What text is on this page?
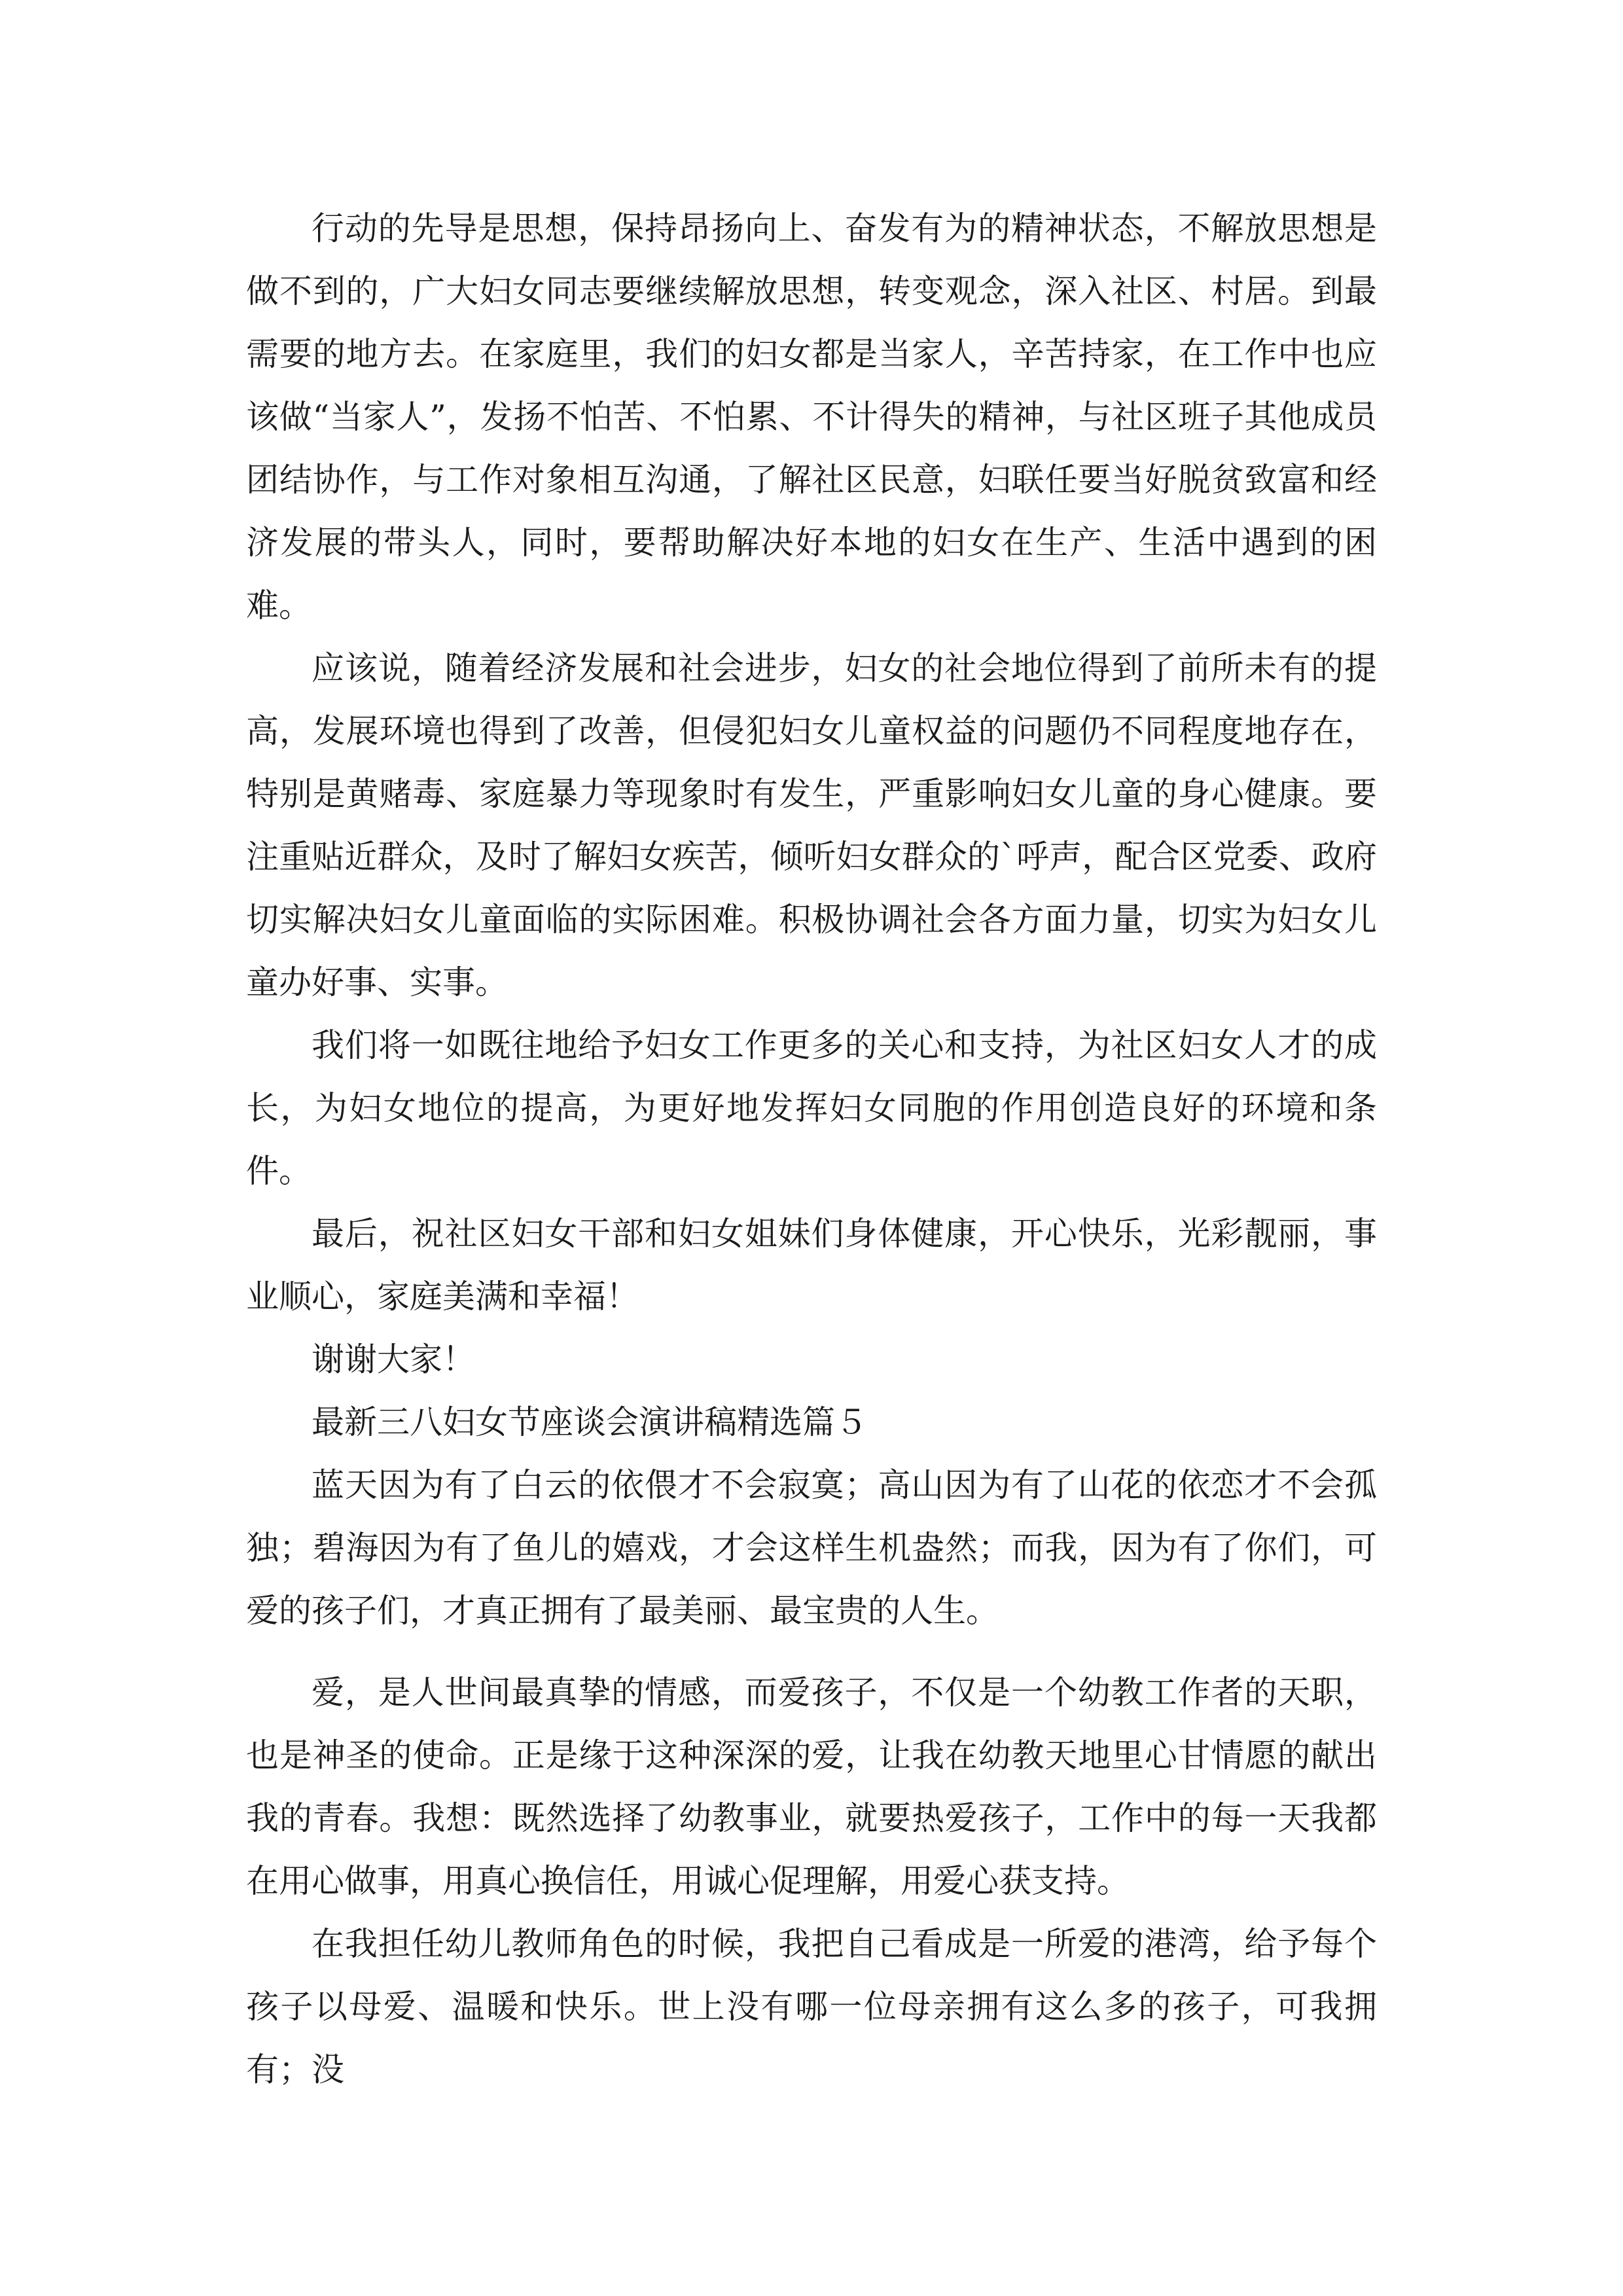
行动的先导是思想，保持昂扬向上、奋发有为的精神状态，不解放思想是做不到的，广大妇女同志要继续解放思想，转变观念，深入社区、村居。到最需要的地方去。在家庭里，我们的妇女都是当家人，辛苦持家，在工作中也应该做“当家人”，发扬不怕苦、不怕累、不计得失的精神，与社区班子其他成员团结协作，与工作对象相互沟通，了解社区民意，妇联任要当好脱贫致富和经济发展的带头人，同时，要帮助解决好本地的妇女在生产、生活中遇到的困难。

应该说，随着经济发展和社会进步，妇女的社会地位得到了前所未有的提高，发展环境也得到了改善，但侵犯妇女儿童权益的问题仍不同程度地存在，特别是黄赌毒、家庭暴力等现象时有发生，严重影响妇女儿童的身心健康。要注重贴近群众，及时了解妇女疾苦，倾听妇女群众的`呼声，配合区党委、政府切实解决妇女儿童面临的实际困难。积极协调社会各方面力量，切实为妇女儿童办好事、实事。

我们将一如既往地给予妇女工作更多的关心和支持，为社区妇女人才的成长，为妇女地位的提高，为更好地发挥妇女同胞的作用创造良好的环境和条件。

最后，祝社区妇女干部和妇女姐妹们身体健康，开心快乐，光彩靓丽，事业顺心，家庭美满和幸福！

谢谢大家！

最新三八妇女节座谈会演讲稿精选篇５

蓝天因为有了白云的依偎才不会寂寞；高山因为有了山花的依恋才不会孤独；碧海因为有了鱼儿的嬉戏，才会这样生机盎然；而我，因为有了你们，可爱的孩子们，才真正拥有了最美丽、最宝贵的人生。

爱，是人世间最真挚的情感，而爱孩子，不仅是一个幼教工作者的天职，也是神圣的使命。正是缘于这种深深的爱，让我在幼教天地里心甘情愿的献出我的青春。我想：既然选择了幼教事业，就要热爱孩子，工作中的每一天我都在用心做事，用真心换信任，用诚心促理解，用爱心获支持。

在我担任幼儿教师角色的时候，我把自己看成是一所爱的港湾，给予每个孩子以母爱、温暖和快乐。世上没有哪一位母亲拥有这么多的孩子，可我拥有；没
